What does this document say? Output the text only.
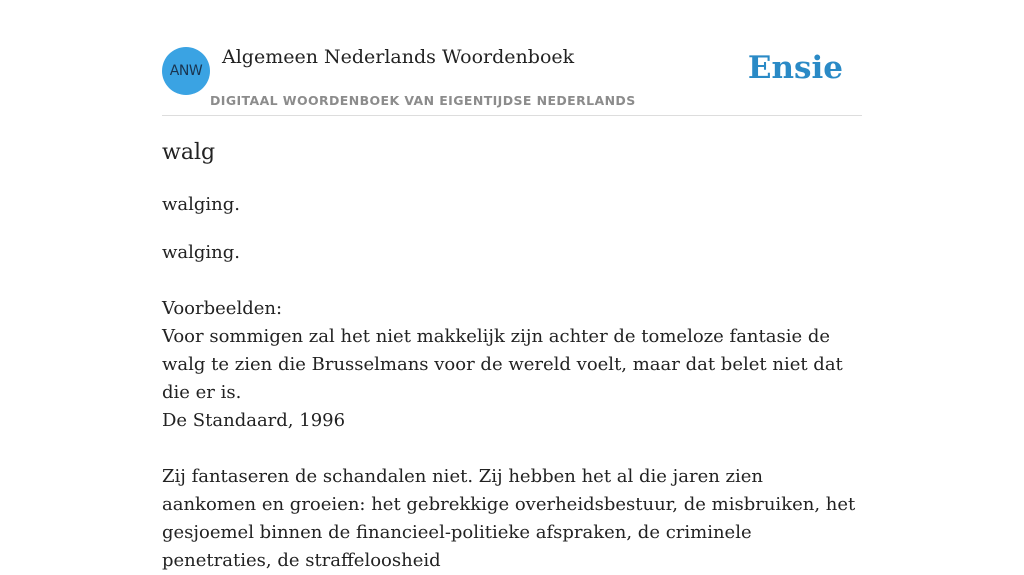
ANW
Algemeen Nederlands Woordenboek
DIGITAAL WOORDENBOEK VAN EIGENTIJDSE NEDERLANDS
Ensie
walg

walging.

walging.

Voorbeelden:

Voor sommigen zal het niet makkelijk zijn achter de tomeloze fantasie de walg te zien die Brusselmans voor de wereld voelt, maar dat belet niet dat die er is.

De Standaard, 1996

Zij fantaseren de schandalen niet. Zij hebben het al die jaren zien aankomen en groeien: het gebrekkige overheidsbestuur, de misbruiken, het gesjoemel binnen de financieel-politieke afspraken, de criminele penetraties, de straffeloosheid
